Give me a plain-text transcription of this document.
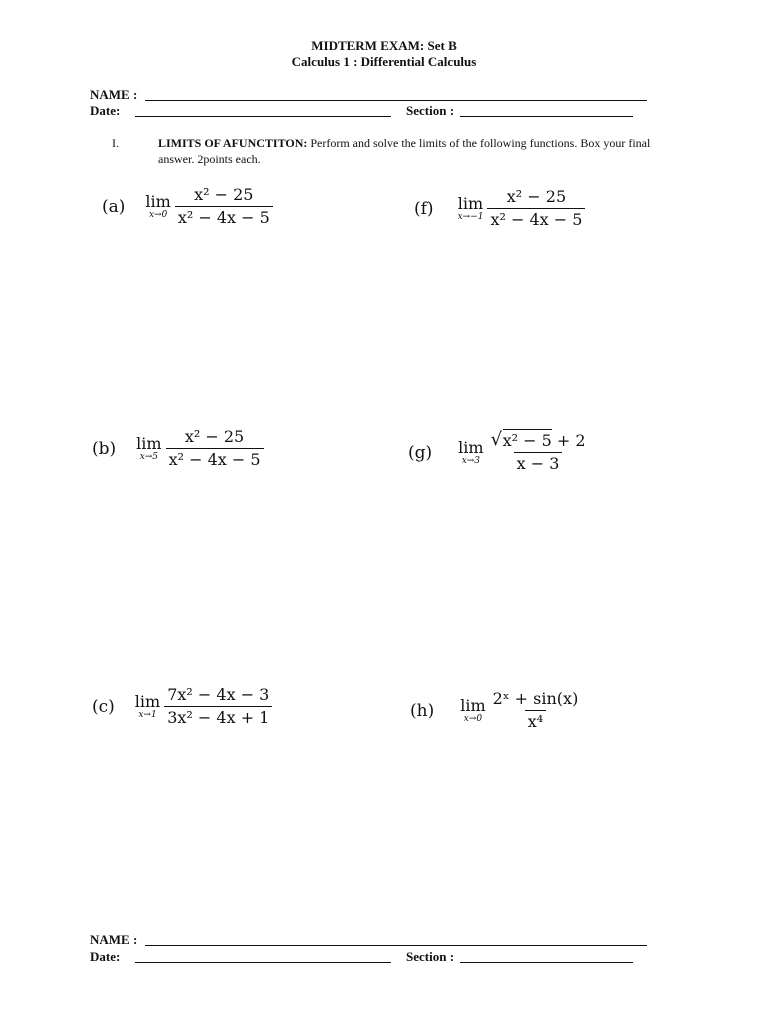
MIDTERM EXAM: Set B
Calculus 1 : Differential Calculus
NAME :
Date:	Section :
I.	LIMITS OF AFUNCTITON: Perform and solve the limits of the following functions. Box your final answer. 2points each.
(a) lim
$x\to 0 \frac{\text{x² − 25}}{\text{x² − 4x − 5}}$	(f) lim
$x\to-1 \frac{\text{x² − 25}}{\text{x² − 4x − 5}}$
(b) lim
$x\to 5 \frac{\text{x² − 25}}{\text{x² − 4x − 5}}$	(g) lim
$x\to 3 \frac{\text{√ x² − 5 + 2}}{x - 3}$
(c) lim
$x\to 1 \frac{\text{7x² − 4x − 3}}{\text{3x² − 4x + 1}}$	(h) lim
$x\to 0 \frac{\text{2ˣ + sin(x)}}{\text{x⁴}}$
NAME :
Date:	Section :
